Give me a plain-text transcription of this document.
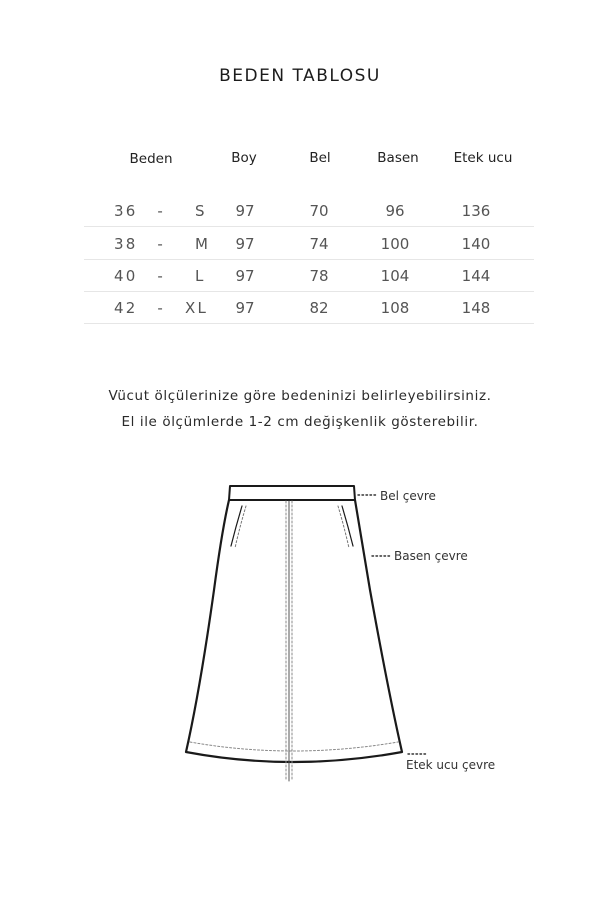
BEDEN TABLOSU
Beden	Boy	Bel	Basen	Etek ucu
36  -   S	97	70	96	136
38  -   M	97	74	100	140
40  -   L	97	78	104	144
42  -  XL	97	82	108	148
Vücut ölçülerinize göre bedeninizi belirleyebilirsiniz.
El ile ölçümlerde 1-2 cm değişkenlik gösterebilir.
Bel çevre
Basen çevre
Etek ucu çevre
